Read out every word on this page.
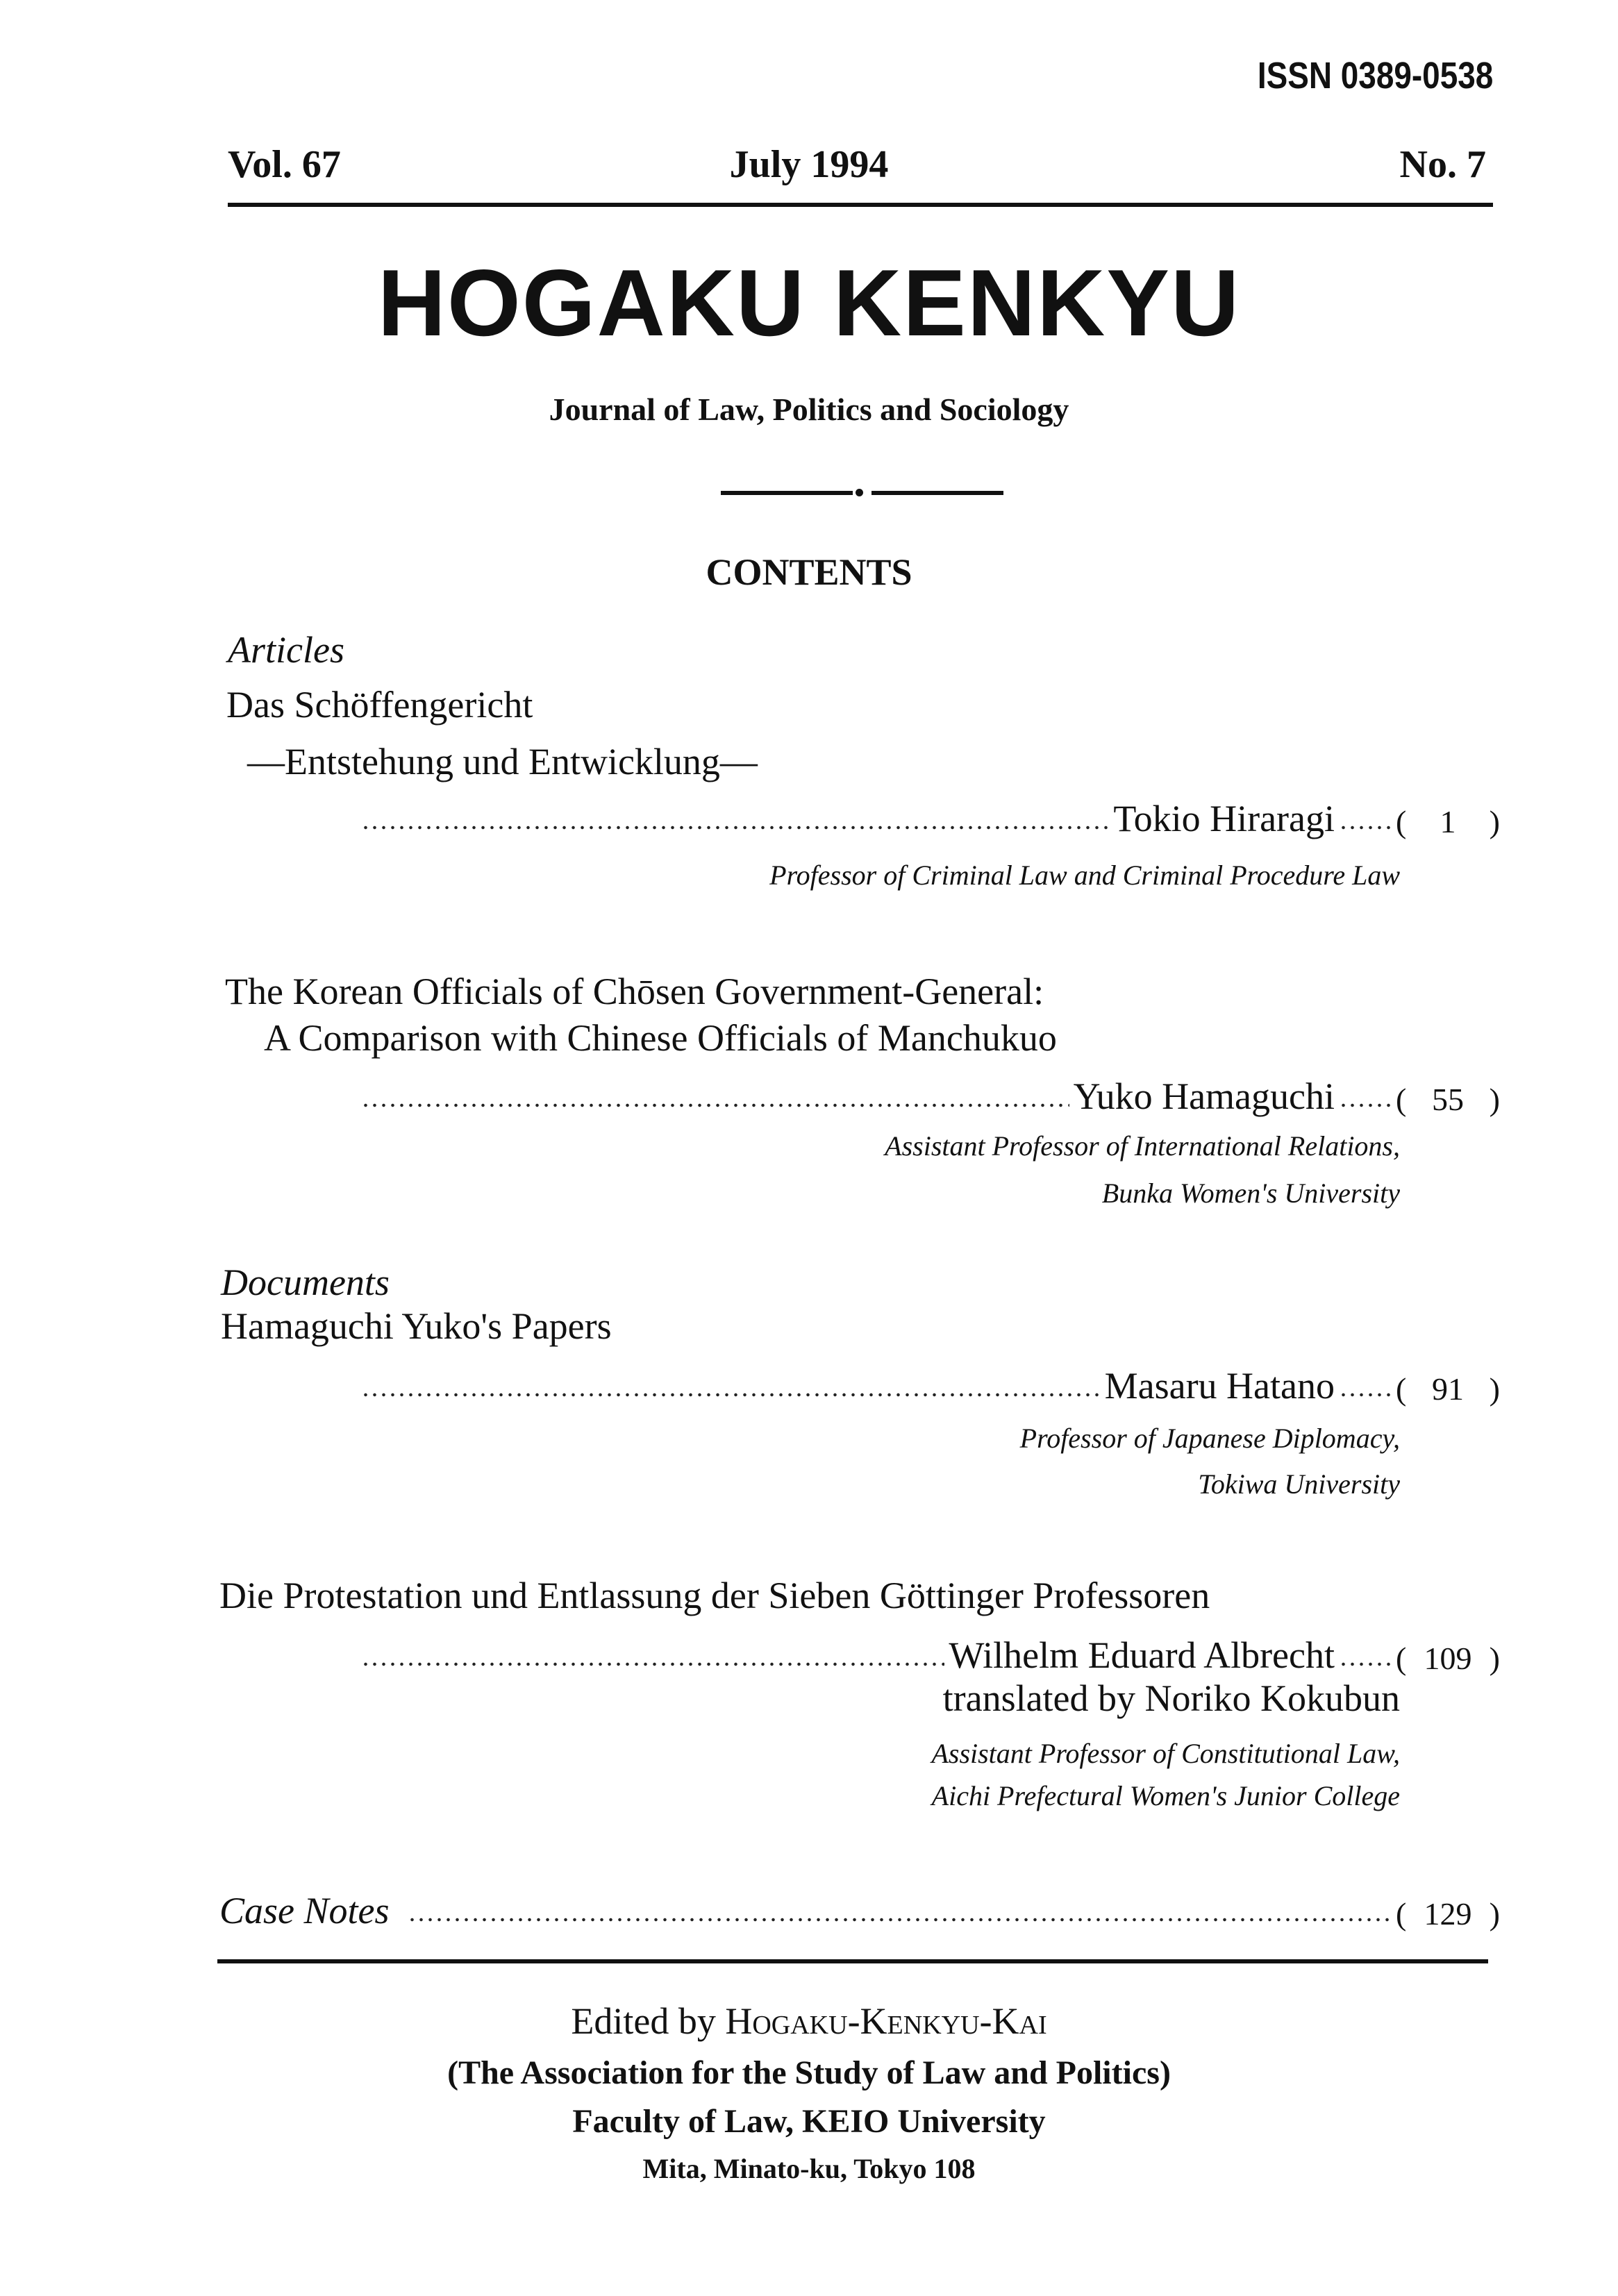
ISSN 0389-0538
Vol. 67	July 1994	No. 7
HOGAKU KENKYU
Journal of Law, Politics and Sociology
CONTENTS
Articles
Das Schöffengericht
—Entstehung und Entwicklung—
Tokio Hiraragi ( 1 )
Professor of Criminal Law and Criminal Procedure Law
The Korean Officials of Chōsen Government-General:
A Comparison with Chinese Officials of Manchukuo
Yuko Hamaguchi ( 55 )
Assistant Professor of International Relations,
Bunka Women's University
Documents
Hamaguchi Yuko's Papers
Masaru Hatano ( 91 )
Professor of Japanese Diplomacy,
Tokiwa University
Die Protestation und Entlassung der Sieben Göttinger Professoren
Wilhelm Eduard Albrecht ( 109 )
translated by Noriko Kokubun
Assistant Professor of Constitutional Law,
Aichi Prefectural Women's Junior College
Case Notes	( 129 )
Edited by Hogaku-Kenkyu-Kai
(The Association for the Study of Law and Politics)
Faculty of Law, KEIO University
Mita, Minato-ku, Tokyo 108
